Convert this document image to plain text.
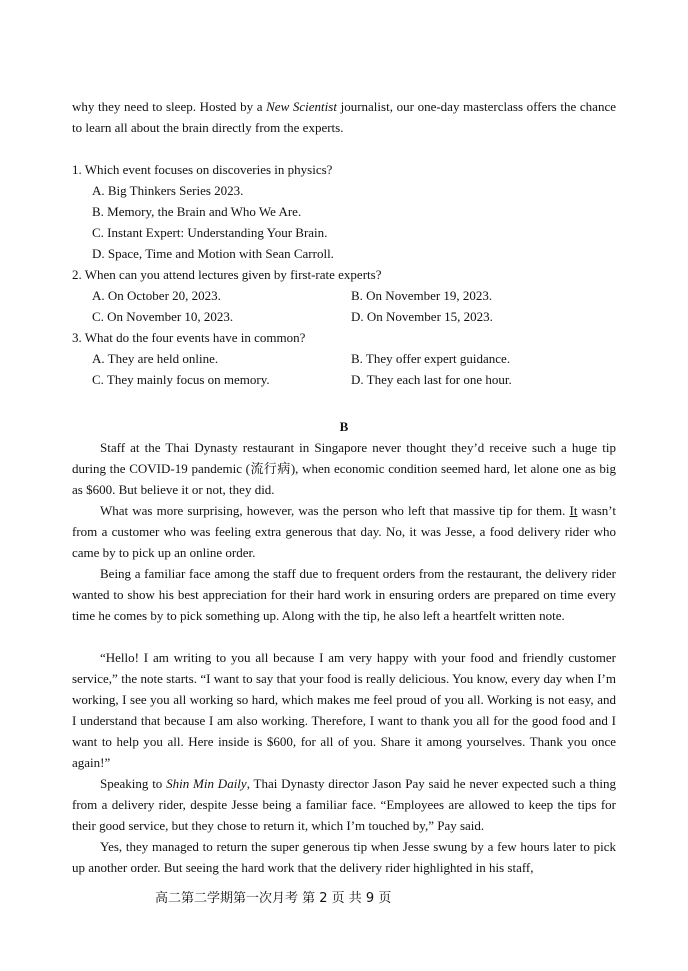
why they need to sleep. Hosted by a New Scientist journalist, our one-day masterclass offers the chance to learn all about the brain directly from the experts.

1. Which event focuses on discoveries in physics?
A. Big Thinkers Series 2023.
B. Memory, the Brain and Who We Are.
C. Instant Expert: Understanding Your Brain.
D. Space, Time and Motion with Sean Carroll.
2. When can you attend lectures given by first-rate experts?
A. On October 20, 2023.	B. On November 19, 2023.
C. On November 10, 2023.	D. On November 15, 2023.
3. What do the four events have in common?
A. They are held online.	B. They offer expert guidance.
C. They mainly focus on memory.	D. They each last for one hour.
B

Staff at the Thai Dynasty restaurant in Singapore never thought they’d receive such a huge tip during the COVID-19 pandemic (流行病), when economic condition seemed hard, let alone one as big as $600. But believe it or not, they did.

What was more surprising, however, was the person who left that massive tip for them. It wasn’t from a customer who was feeling extra generous that day. No, it was Jesse, a food delivery rider who came by to pick up an online order.

Being a familiar face among the staff due to frequent orders from the restaurant, the delivery rider wanted to show his best appreciation for their hard work in ensuring orders are prepared on time every time he comes by to pick something up. Along with the tip, he also left a heartfelt written note.

“Hello! I am writing to you all because I am very happy with your food and friendly customer service,” the note starts. “I want to say that your food is really delicious. You know, every day when I’m working, I see you all working so hard, which makes me feel proud of you all. Working is not easy, and I understand that because I am also working. Therefore, I want to thank you all for the good food and I want to help you all. Here inside is $600, for all of you. Share it among yourselves. Thank you once again!”

Speaking to Shin Min Daily, Thai Dynasty director Jason Pay said he never expected such a thing from a delivery rider, despite Jesse being a familiar face. “Employees are allowed to keep the tips for their good service, but they chose to return it, which I’m touched by,” Pay said.

Yes, they managed to return the super generous tip when Jesse swung by a few hours later to pick up another order. But seeing the hard work that the delivery rider highlighted in his staff,

高二第二学期第一次月考 第 2 页 共 9 页
